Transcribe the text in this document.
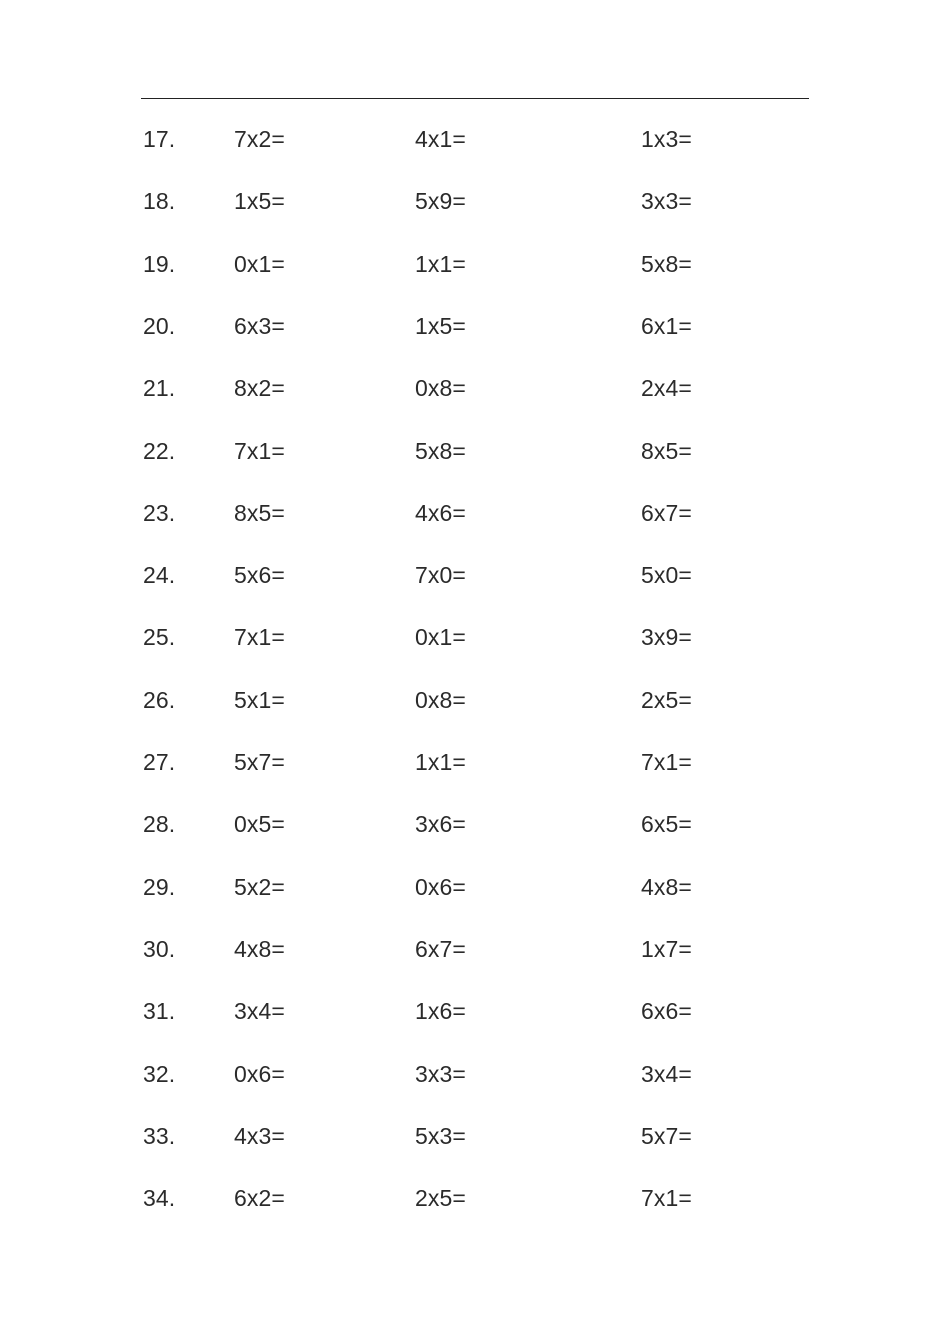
17.	7x2=	4x1=	1x3=
18.	1x5=	5x9=	3x3=
19.	0x1=	1x1=	5x8=
20.	6x3=	1x5=	6x1=
21.	8x2=	0x8=	2x4=
22.	7x1=	5x8=	8x5=
23.	8x5=	4x6=	6x7=
24.	5x6=	7x0=	5x0=
25.	7x1=	0x1=	3x9=
26.	5x1=	0x8=	2x5=
27.	5x7=	1x1=	7x1=
28.	0x5=	3x6=	6x5=
29.	5x2=	0x6=	4x8=
30.	4x8=	6x7=	1x7=
31.	3x4=	1x6=	6x6=
32.	0x6=	3x3=	3x4=
33.	4x3=	5x3=	5x7=
34.	6x2=	2x5=	7x1=
